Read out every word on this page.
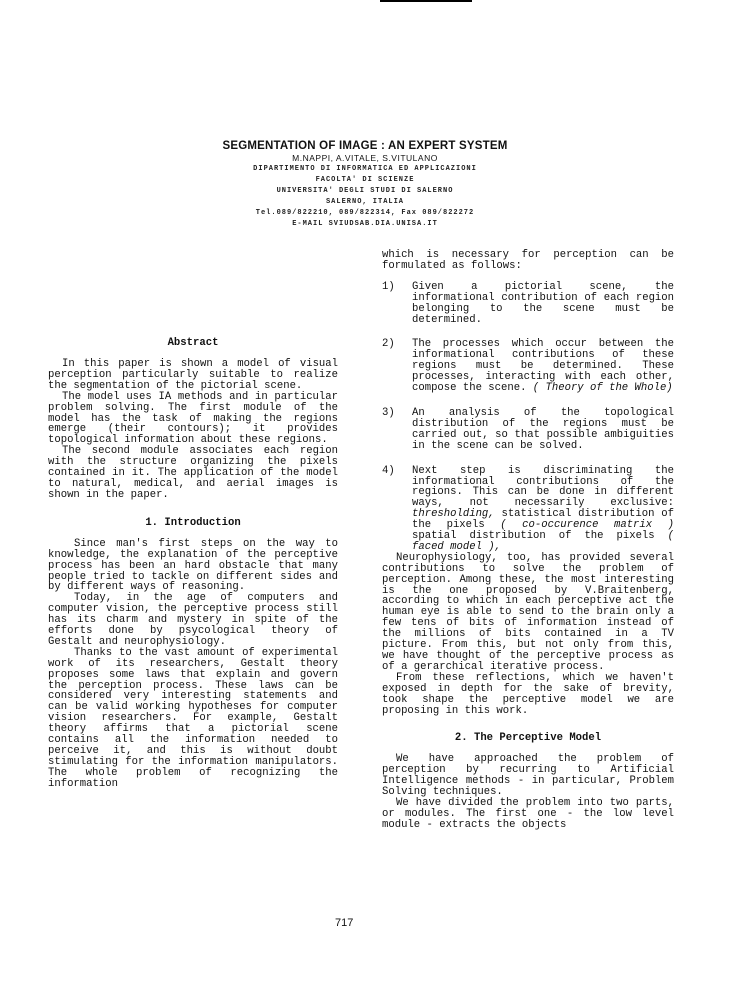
SEGMENTATION OF IMAGE : AN EXPERT SYSTEM
M.NAPPI, A.VITALE, S.VITULANO
DIPARTIMENTO DI INFORMATICA ED APPLICAZIONI
FACOLTA' DI SCIENZE
UNIVERSITA' DEGLI STUDI DI SALERNO
SALERNO, ITALIA
Tel.089/822210, 089/822314, Fax 089/822272
E-MAIL SVIUDSAB.DIA.UNISA.IT
Abstract

In this paper is shown a model of visual perception particularly suitable to realize the segmentation of the pictorial scene.

The model uses IA methods and in particular problem solving. The first module of the model has the task of making the regions emerge (their contours); it provides topological information about these regions.

The second module associates each region with the structure organizing the pixels contained in it. The application of the model to natural, medical, and aerial images is shown in the paper.

1. Introduction

Since man's first steps on the way to knowledge, the explanation of the perceptive process has been an hard obstacle that many people tried to tackle on different sides and by different ways of reasoning.

Today, in the age of computers and computer vision, the perceptive process still has its charm and mystery in spite of the efforts done by psycological theory of Gestalt and neurophysiology.

Thanks to the vast amount of experimental work of its researchers, Gestalt theory proposes some laws that explain and govern the perception process. These laws can be considered very interesting statements and can be valid working hypotheses for computer vision researchers. For example, Gestalt theory affirms that a pictorial scene contains all the information needed to perceive it, and this is without doubt stimulating for the information manipulators. The whole problem of recognizing the information

which is necessary for perception can be formulated as follows:

1)	Given a pictorial scene, the informational contribution of each region belonging to the scene must be determined.
2)	The processes which occur between the informational contributions of these regions must be determined. These processes, interacting with each other, compose the scene. ( Theory of the Whole)
3)	An analysis of the topological distribution of the regions must be carried out, so that possible ambiguities in the scene can be solved.
4)	Next step is discriminating the informational contributions of the regions. This can be done in different ways, not necessarily exclusive: thresholding, statistical distribution of the pixels ( co-occurence matrix ) spatial distribution of the pixels ( faced model ),

Neurophysiology, too, has provided several contributions to solve the problem of perception. Among these, the most interesting is the one proposed by V.Braitenberg, according to which in each perceptive act the human eye is able to send to the brain only a few tens of bits of information instead of the millions of bits contained in a TV picture. From this, but not only from this, we have thought of the perceptive process as of a gerarchical iterative process.

From these reflections, which we haven't exposed in depth for the sake of brevity, took shape the perceptive model we are proposing in this work.

2. The Perceptive Model

We have approached the problem of perception by recurring to Artificial Intelligence methods - in particular, Problem Solving techniques.

We have divided the problem into two parts, or modules. The first one - the low level module - extracts the objects

717
